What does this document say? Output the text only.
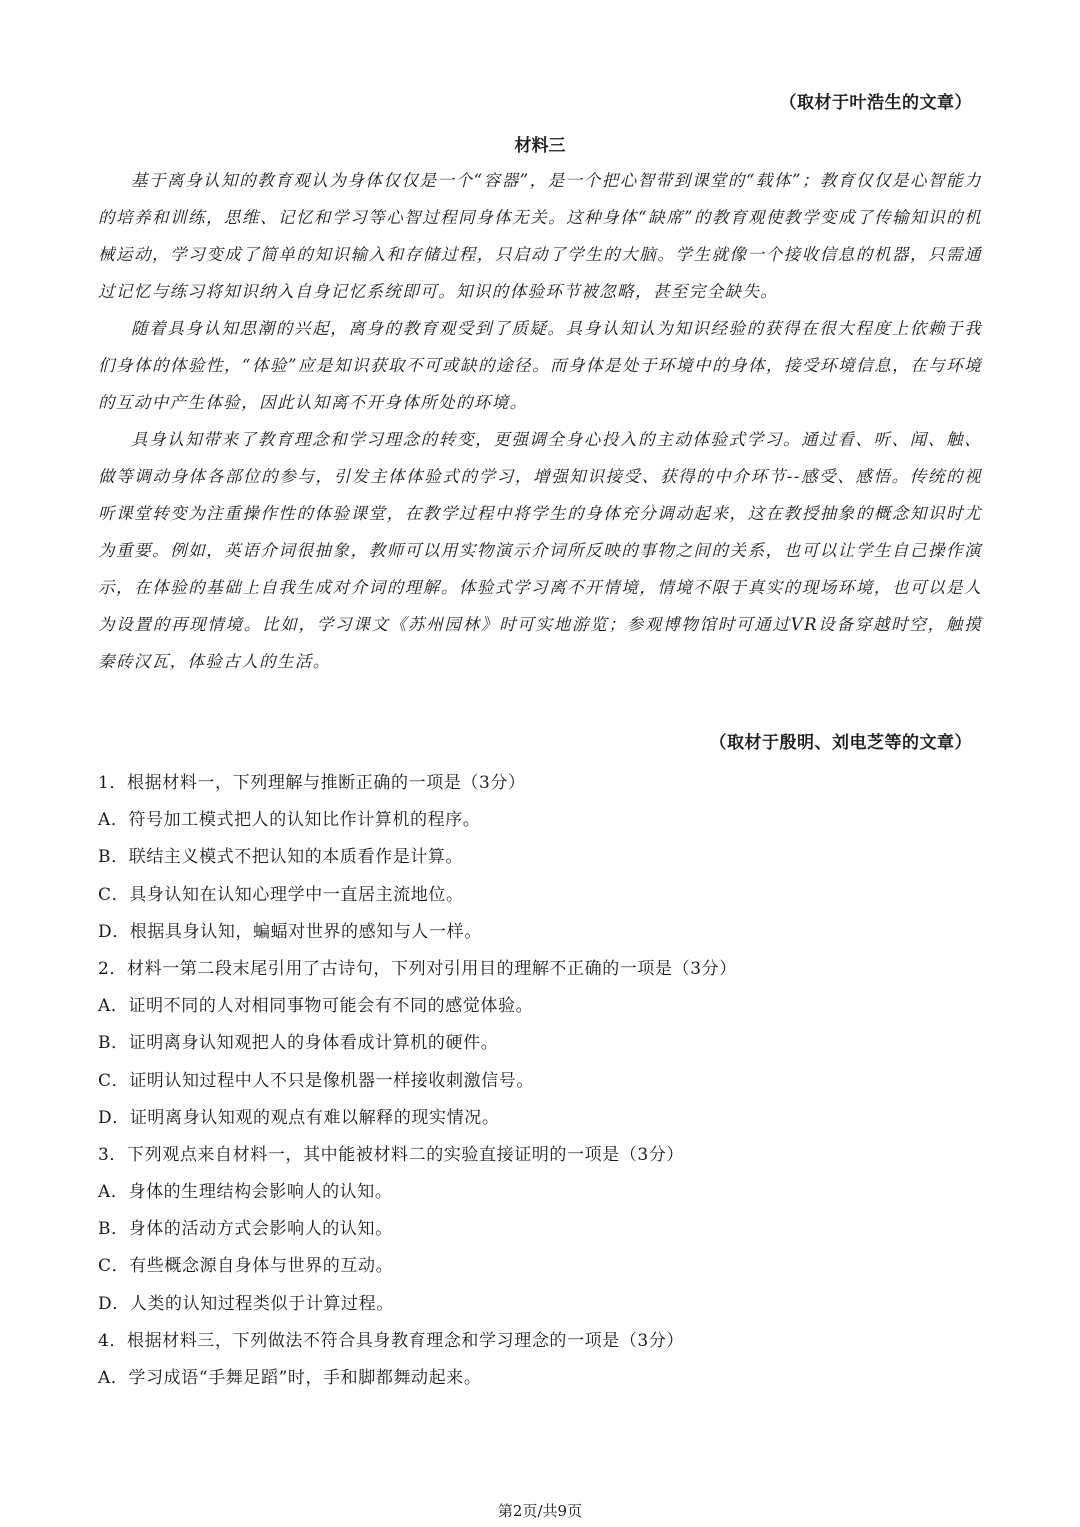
（取材于叶浩生的文章）
材料三

基于离身认知的教育观认为身体仅仅是一个“容器”，是一个把心智带到课堂的“载体”；教育仅仅是心智能力的培养和训练，思维、记忆和学习等心智过程同身体无关。这种身体“缺席”的教育观使教学变成了传输知识的机械运动，学习变成了简单的知识输入和存储过程，只启动了学生的大脑。学生就像一个接收信息的机器，只需通过记忆与练习将知识纳入自身记忆系统即可。知识的体验环节被忽略，甚至完全缺失。

随着具身认知思潮的兴起，离身的教育观受到了质疑。具身认知认为知识经验的获得在很大程度上依赖于我们身体的体验性，“体验”应是知识获取不可或缺的途径。而身体是处于环境中的身体，接受环境信息，在与环境的互动中产生体验，因此认知离不开身体所处的环境。

具身认知带来了教育理念和学习理念的转变，更强调全身心投入的主动体验式学习。通过看、听、闻、触、做等调动身体各部位的参与，引发主体体验式的学习，增强知识接受、获得的中介环节--感受、感悟。传统的视听课堂转变为注重操作性的体验课堂，在教学过程中将学生的身体充分调动起来，这在教授抽象的概念知识时尤为重要。例如，英语介词很抽象，教师可以用实物演示介词所反映的事物之间的关系，也可以让学生自己操作演示，在体验的基础上自我生成对介词的理解。体验式学习离不开情境，情境不限于真实的现场环境，也可以是人为设置的再现情境。比如，学习课文《苏州园林》时可实地游览；参观博物馆时可通过VR设备穿越时空，触摸秦砖汉瓦，体验古人的生活。

（取材于殷明、刘电芝等的文章）
1．根据材料一，下列理解与推断正确的一项是（3分）
A．符号加工模式把人的认知比作计算机的程序。
B．联结主义模式不把认知的本质看作是计算。
C．具身认知在认知心理学中一直居主流地位。
D．根据具身认知，蝙蝠对世界的感知与人一样。
2．材料一第二段末尾引用了古诗句，下列对引用目的理解不正确的一项是（3分）
A．证明不同的人对相同事物可能会有不同的感觉体验。
B．证明离身认知观把人的身体看成计算机的硬件。
C．证明认知过程中人不只是像机器一样接收刺激信号。
D．证明离身认知观的观点有难以解释的现实情况。
3．下列观点来自材料一，其中能被材料二的实验直接证明的一项是（3分）
A．身体的生理结构会影响人的认知。
B．身体的活动方式会影响人的认知。
C．有些概念源自身体与世界的互动。
D．人类的认知过程类似于计算过程。
4．根据材料三，下列做法不符合具身教育理念和学习理念的一项是（3分）
A．学习成语“手舞足蹈”时，手和脚都舞动起来。
第2页/共9页
